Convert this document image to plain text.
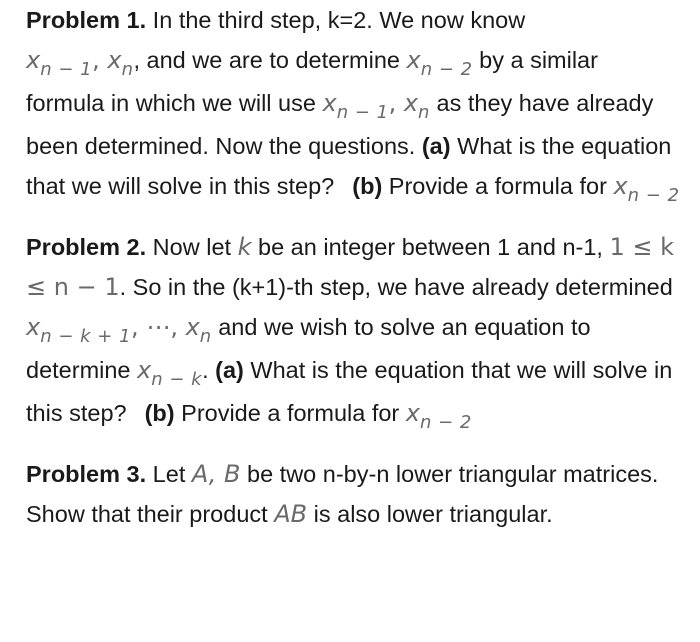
Problem 1. In the third step, k=2. We now know
$x_{n - 1}$, $x_n$, and we are to determine $x_{n - 2}$ by a similar formula in which we will use $x_{n - 1}$, $x_n$ as they have already been determined. Now the questions. (a) What is the equation that we will solve in this step? (b) Provide a formula for $x_{n - 2}$
Problem 2. Now let k be an integer between 1 and n-1, 1 ≤ k ≤ n − 1. So in the (k+1)-th step, we have already determined $x_{n - k + 1}$, ⋯, $x_n$ and we wish to solve an equation to determine $x_{n - k}$. (a) What is the equation that we will solve in this step? (b) Provide a formula for $x_{n - 2}$
Problem 3. Let A, B be two n-by-n lower triangular matrices. Show that their product AB is also lower triangular.
